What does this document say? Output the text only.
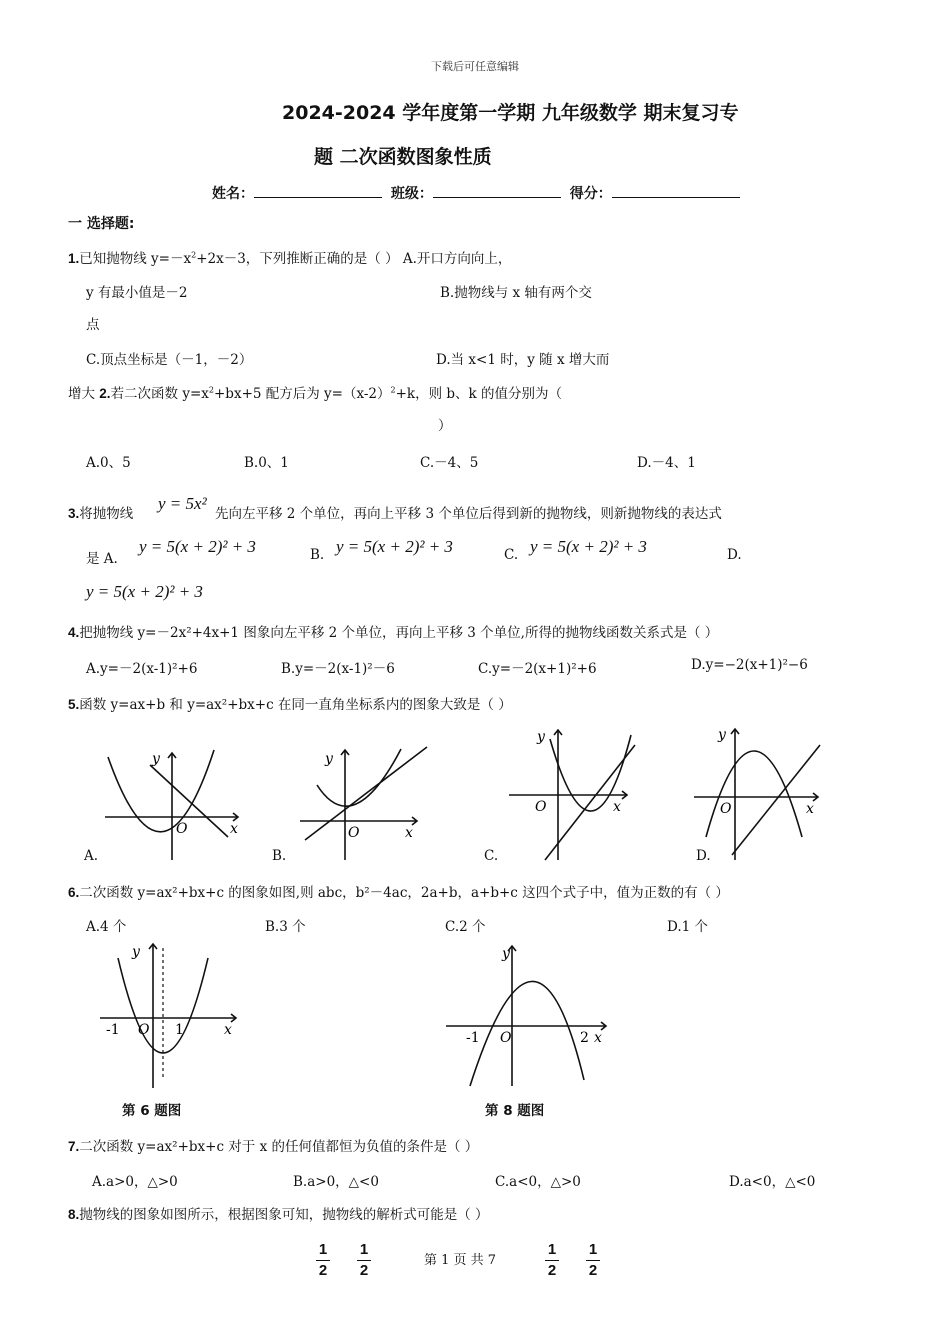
下载后可任意编辑
2024-2024 学年度第一学期 九年级数学 期末复习专
题 二次函数图象性质
姓名：	班级：	得分：
一 选择题:
1.已知抛物线 $y=-x^2+2x-3$，下列推断正确的是（ ） A.开口方向向上，
y 有最小值是－2	B.抛物线与 x 轴有两个交
点
C.顶点坐标是（－1，－2）	D.当 x<1 时，y 随 x 增大而
增大 2.若二次函数 $y=x^2+bx+5$ 配方后为 $y=(x-2)^2+k$，则 b、k 的值分别为（
）
A.0、5	B.0、1	C.－4、5	D.－4、1
3.将抛物线
y = 5x²
先向左平移 2 个单位，再向上平移 3 个单位后得到新的抛物线，则新抛物线的表达式
是 A.
y = 5(x + 2)² + 3	B. y = 5(x + 2)² + 3	C. y = 5(x + 2)² + 3	D.
y = 5(x + 2)² + 3
4.把抛物线 y=－2x²+4x+1 图象向左平移 2 个单位，再向上平移 3 个单位,所得的抛物线函数关系式是（ ）
A.y=－2(x-1)²+6	B.y=－2(x-1)²－6	C.y=－2(x+1)²+6	D.y=−2(x+1)²−6
5.函数 y=ax+b 和 y=ax²+bx+c 在同一直角坐标系内的图象大致是（ ）
y
x
O
A.
y
x
O
B.
y
x
O
C.
y
x
O
D.
6.二次函数 y=ax²+bx+c 的图象如图,则 abc，b²－4ac，2a+b，a+b+c 这四个式子中，值为正数的有（ ）
A.4 个	B.3 个	C.2 个	D.1 个
y
x
-1 O 1
第 6 题图
y
x
-1 O	2
第 8 题图
7.二次函数 y=ax²+bx+c 对于 x 的任何值都恒为负值的条件是（ ）
A.a>0，△>0	B.a>0，△<0	C.a<0，△>0	D.a<0，△<0
8.抛物线的图象如图所示，根据图象可知，抛物线的解析式可能是（ ）
1
2
1
2
第 1 页 共 7
1
2
1
2
